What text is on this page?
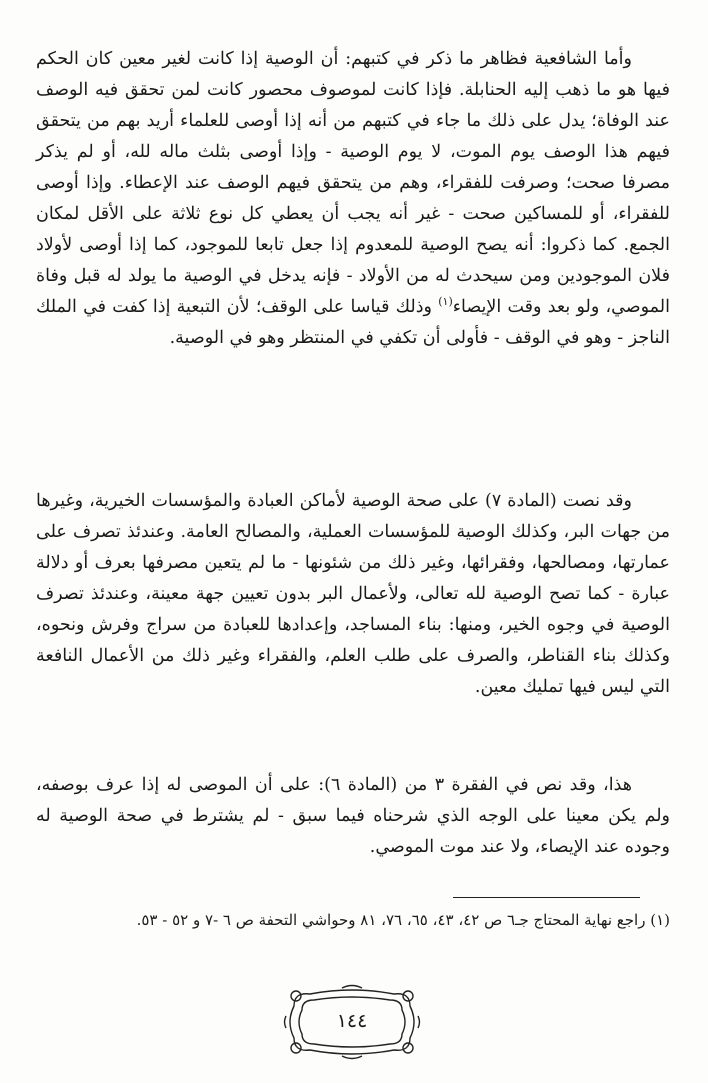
وأما الشافعية فظاهر ما ذكر في كتبهم: أن الوصية إذا كانت لغير معين كان الحكم فيها هو ما ذهب إليه الحنابلة. فإذا كانت لموصوف محصور كانت لمن تحقق فيه الوصف عند الوفاة؛ يدل على ذلك ما جاء في كتبهم من أنه إذا أوصى للعلماء أريد بهم من يتحقق فيهم هذا الوصف يوم الموت، لا يوم الوصية - وإذا أوصى بثلث ماله لله، أو لم يذكر مصرفا صحت؛ وصرفت للفقراء، وهم من يتحقق فيهم الوصف عند الإعطاء. وإذا أوصى للفقراء، أو للمساكين صحت - غير أنه يجب أن يعطي كل نوع ثلاثة على الأقل لمكان الجمع. كما ذكروا: أنه يصح الوصية للمعدوم إذا جعل تابعا للموجود، كما إذا أوصى لأولاد فلان الموجودين ومن سيحدث له من الأولاد - فإنه يدخل في الوصية ما يولد له قبل وفاة الموصي، ولو بعد وقت الإيصاء$^{(١)}$ وذلك قياسا على الوقف؛ لأن التبعية إذا كفت في الملك الناجز - وهو في الوقف - فأولى أن تكفي في المنتظر وهو في الوصية.

وقد نصت (المادة ٧) على صحة الوصية لأماكن العبادة والمؤسسات الخيرية، وغيرها من جهات البر، وكذلك الوصية للمؤسسات العملية، والمصالح العامة. وعندئذ تصرف على عمارتها، ومصالحها، وفقرائها، وغير ذلك من شئونها - ما لم يتعين مصرفها بعرف أو دلالة عبارة - كما تصح الوصية لله تعالى، ولأعمال البر بدون تعيين جهة معينة، وعندئذ تصرف الوصية في وجوه الخير، ومنها: بناء المساجد، وإعدادها للعبادة من سراج وفرش ونحوه، وكذلك بناء القناطر، والصرف على طلب العلم، والفقراء وغير ذلك من الأعمال النافعة التي ليس فيها تمليك معين.

هذا، وقد نص في الفقرة ٣ من (المادة ٦): على أن الموصى له إذا عرف بوصفه، ولم يكن معينا على الوجه الذي شرحناه فيما سبق - لم يشترط في صحة الوصية له وجوده عند الإيصاء، ولا عند موت الموصي.

(١) راجع نهاية المحتاج جـ٦ ص ٤٢، ٤٣، ٦٥، ٧٦، ٨١ وحواشي التحفة ص ٦ -٧ و ٥٢ - ٥٣.

١٤٤
